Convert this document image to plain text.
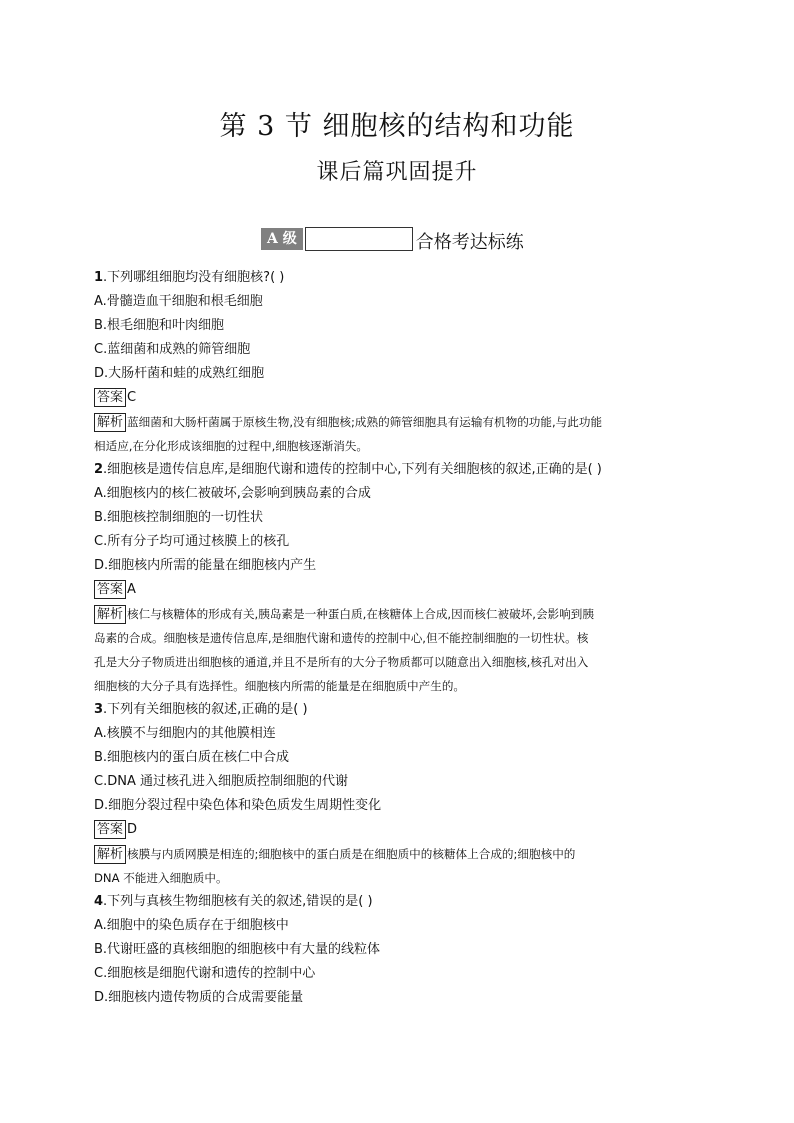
第 3 节 细胞核的结构和功能
课后篇巩固提升
A 级	合格考达标练
1.下列哪组细胞均没有细胞核?( )
A.骨髓造血干细胞和根毛细胞
B.根毛细胞和叶肉细胞
C.蓝细菌和成熟的筛管细胞
D.大肠杆菌和蛙的成熟红细胞
答案 C
解析 蓝细菌和大肠杆菌属于原核生物,没有细胞核;成熟的筛管细胞具有运输有机物的功能,与此功能
相适应,在分化形成该细胞的过程中,细胞核逐渐消失。
2.细胞核是遗传信息库,是细胞代谢和遗传的控制中心,下列有关细胞核的叙述,正确的是( )
A.细胞核内的核仁被破坏,会影响到胰岛素的合成
B.细胞核控制细胞的一切性状
C.所有分子均可通过核膜上的核孔
D.细胞核内所需的能量在细胞核内产生
答案 A
解析 核仁与核糖体的形成有关,胰岛素是一种蛋白质,在核糖体上合成,因而核仁被破坏,会影响到胰
岛素的合成。细胞核是遗传信息库,是细胞代谢和遗传的控制中心,但不能控制细胞的一切性状。核
孔是大分子物质进出细胞核的通道,并且不是所有的大分子物质都可以随意出入细胞核,核孔对出入
细胞核的大分子具有选择性。细胞核内所需的能量是在细胞质中产生的。
3.下列有关细胞核的叙述,正确的是( )
A.核膜不与细胞内的其他膜相连
B.细胞核内的蛋白质在核仁中合成
C.DNA 通过核孔进入细胞质控制细胞的代谢
D.细胞分裂过程中染色体和染色质发生周期性变化
答案 D
解析 核膜与内质网膜是相连的;细胞核中的蛋白质是在细胞质中的核糖体上合成的;细胞核中的
DNA 不能进入细胞质中。
4.下列与真核生物细胞核有关的叙述,错误的是( )
A.细胞中的染色质存在于细胞核中
B.代谢旺盛的真核细胞的细胞核中有大量的线粒体
C.细胞核是细胞代谢和遗传的控制中心
D.细胞核内遗传物质的合成需要能量
